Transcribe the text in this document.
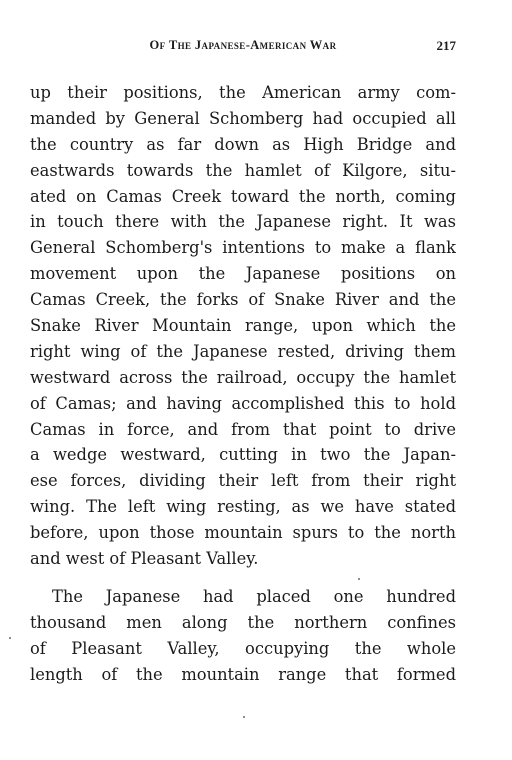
Of The Japanese-American War	217
up their positions, the American army com-
manded by General Schomberg had occupied all
the country as far down as High Bridge and
eastwards towards the hamlet of Kilgore, situ-
ated on Camas Creek toward the north, coming
in touch there with the Japanese right. It was
General Schomberg's intentions to make a flank
movement upon the Japanese positions on
Camas Creek, the forks of Snake River and the
Snake River Mountain range, upon which the
right wing of the Japanese rested, driving them
westward across the railroad, occupy the hamlet
of Camas; and having accomplished this to hold
Camas in force, and from that point to drive
a wedge westward, cutting in two the Japan-
ese forces, dividing their left from their right
wing. The left wing resting, as we have stated
before, upon those mountain spurs to the north
and west of Pleasant Valley.
The Japanese had placed one hundred
thousand men along the northern confines
of Pleasant Valley, occupying the whole
length of the mountain range that formed
